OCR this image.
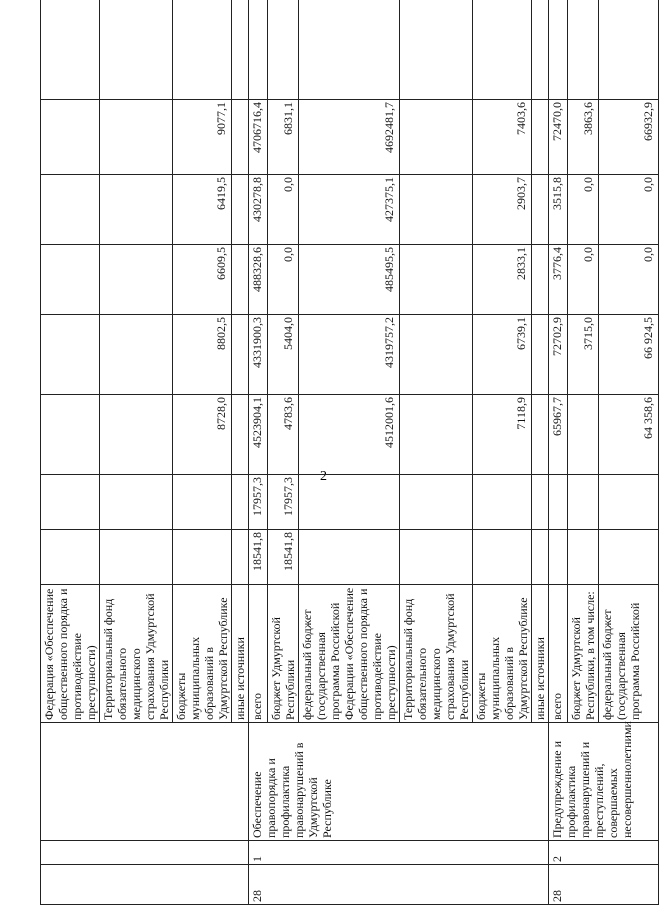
2
			Федерация «Обеспечение общественного порядка и противодействие преступности)								
			Территориальный фонд обязательного медицинского страхования Удмуртской Республики								
			бюджеты муниципальных образований в Удмуртской Республике			8728,0	8802,5	6609,5	6419,5	9077,1	
			иные источники								
28	1	Обеспечение правопорядка и профилактика правонарушений в Удмуртской Республике	всего	18541,8	17957,3	4523904,1	4331900,3	488328,6	430278,8	4706716,4	
			бюджет Удмуртской Республики	18541,8	17957,3	4783,6	5404,0	0,0	0,0	6831,1	
			федеральный бюджет (государственная программа Российской Федерации «Обеспечение общественного порядка и противодействие преступности)			4512001,6	4319757,2	485495,5	427375,1	4692481,7	
			Территориальный фонд обязательного медицинского страхования Удмуртской Республики								
			бюджеты муниципальных образований в Удмуртской Республике			7118,9	6739,1	2833,1	2903,7	7403,6	
			иные источники								
28	2	Предупреждение и профилактика правонарушений и преступлений, совершаемых несовершеннолетними	всего			65967,7	72702,9	3776,4	3515,8	72470,0	
			бюджет Удмуртской Республики, в том числе:				3715,0	0,0	0,0	3863,6	
			федеральный бюджет (государственная программа Российской			64 358,6	66 924,5	0,0	0,0	66932,9	
